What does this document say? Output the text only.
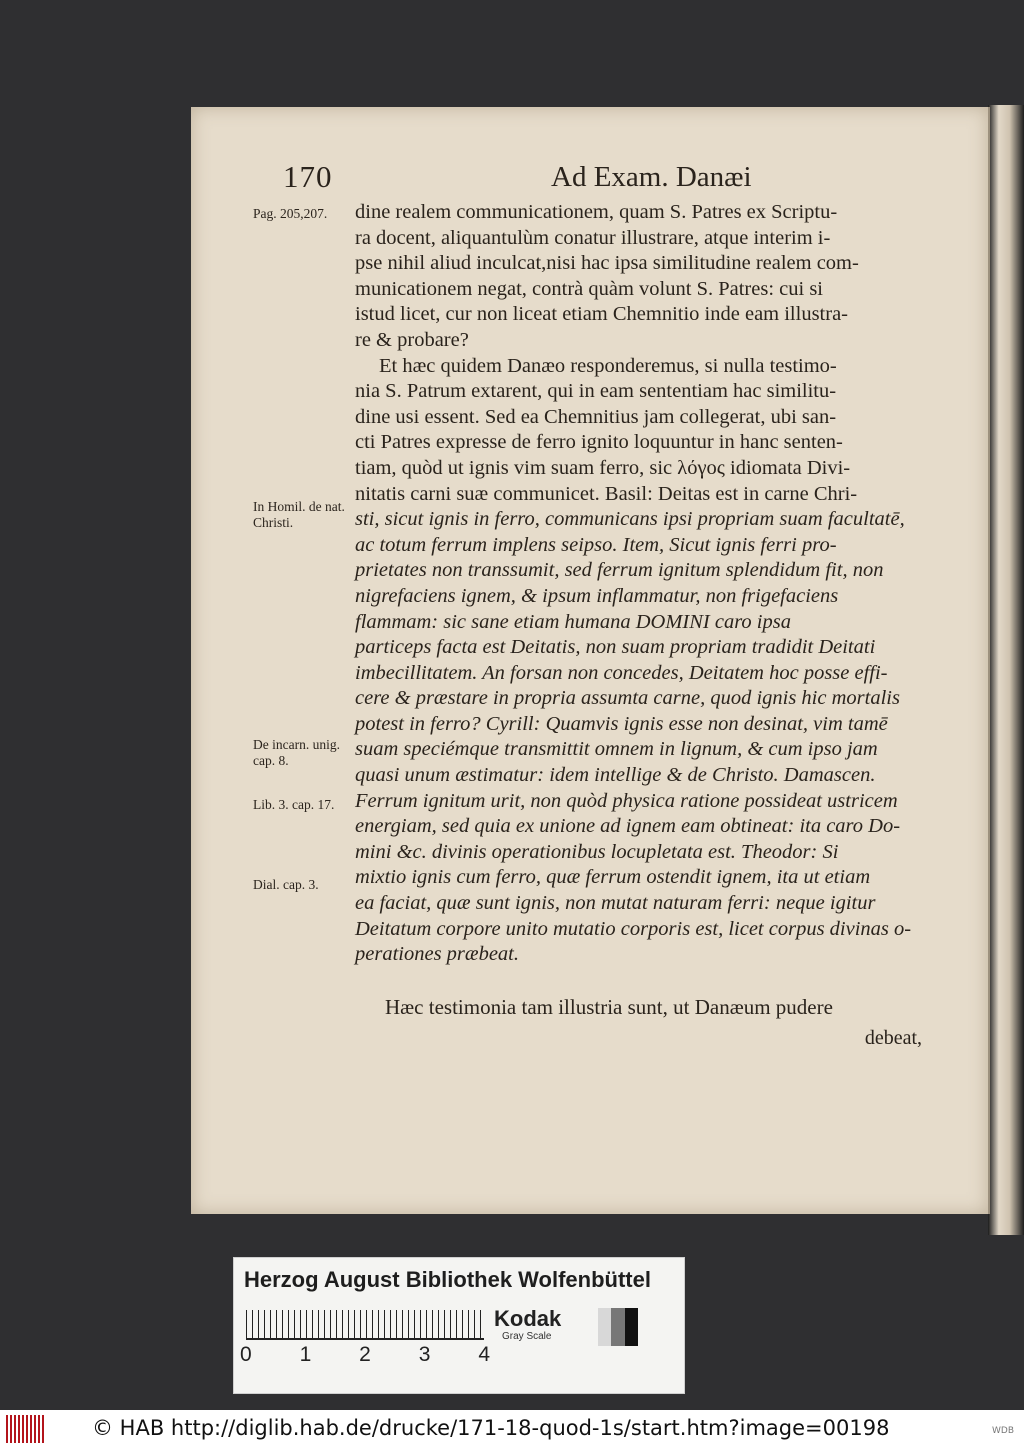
170	Ad Exam. Danæi
Pag. 205,207.
In Homil. de nat. Christi.
De incarn. unig. cap. 8.
Lib. 3. cap. 17.
Dial. cap. 3.

dine realem communicationem, quam S. Patres ex Scriptu-

ra docent, aliquantulùm conatur illustrare, atque interim i-

pse nihil aliud inculcat,nisi hac ipsa similitudine realem com-

municationem negat, contrà quàm volunt S. Patres: cui si

istud licet, cur non liceat etiam Chemnitio inde eam illustra-

re & probare?

Et hæc quidem Danæo responderemus, si nulla testimo-

nia S. Patrum extarent, qui in eam sententiam hac similitu-

dine usi essent. Sed ea Chemnitius jam collegerat, ubi san-

cti Patres expresse de ferro ignito loquuntur in hanc senten-

tiam, quòd ut ignis vim suam ferro, sic λόγος idiomata Divi-

nitatis carni suæ communicet. Basil: Deitas est in carne Chri-

sti, sicut ignis in ferro, communicans ipsi propriam suam facultatē,

ac totum ferrum implens seipso. Item, Sicut ignis ferri pro-

prietates non transsumit, sed ferrum ignitum splendidum fit, non

nigrefaciens ignem, & ipsum inflammatur, non frigefaciens

flammam: sic sane etiam humana DOMINI caro ipsa

particeps facta est Deitatis, non suam propriam tradidit Deitati

imbecillitatem. An forsan non concedes, Deitatem hoc posse effi-

cere & præstare in propria assumta carne, quod ignis hic mortalis

potest in ferro? Cyrill: Quamvis ignis esse non desinat, vim tamē

suam speciémque transmittit omnem in lignum, & cum ipso jam

quasi unum æstimatur: idem intellige & de Christo. Damascen.

Ferrum ignitum urit, non quòd physica ratione possideat ustricem

energiam, sed quia ex unione ad ignem eam obtineat: ita caro Do-

mini &c. divinis operationibus locupletata est. Theodor: Si

mixtio ignis cum ferro, quæ ferrum ostendit ignem, ita ut etiam

ea faciat, quæ sunt ignis, non mutat naturam ferri: neque igitur

Deitatum corpore unito mutatio corporis est, licet corpus divinas o-

perationes præbeat.

Hæc testimonia tam illustria sunt, ut Danæum pudere
debeat,
Herzog August Bibliothek Wolfenbüttel
0 1 2 3 4
Kodak
Gray Scale
© HAB http://diglib.hab.de/drucke/171-18-quod-1s/start.htm?image=00198	WDB
